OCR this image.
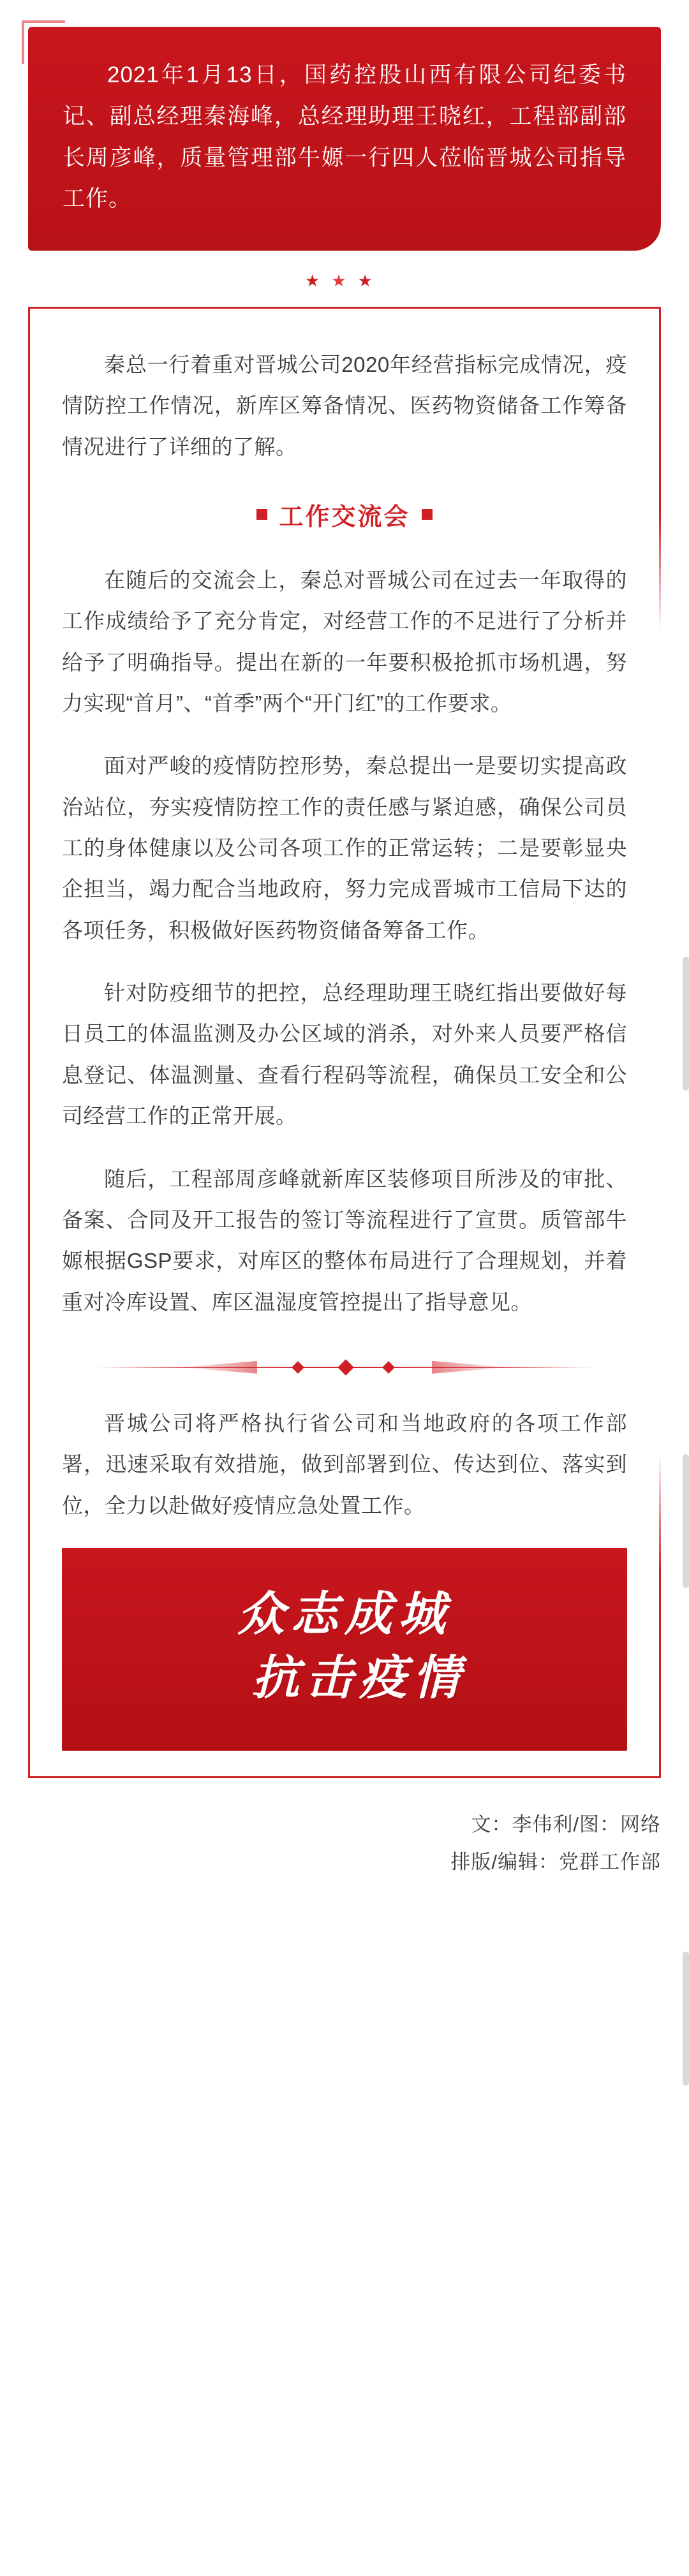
2021年1月13日，国药控股山西有限公司纪委书记、副总经理秦海峰，总经理助理王晓红，工程部副部长周彦峰，质量管理部牛嫄一行四人莅临晋城公司指导工作。

★★★

秦总一行着重对晋城公司2020年经营指标完成情况，疫情防控工作情况，新库区筹备情况、医药物资储备工作筹备情况进行了详细的了解。

工作交流会

在随后的交流会上，秦总对晋城公司在过去一年取得的工作成绩给予了充分肯定，对经营工作的不足进行了分析并给予了明确指导。提出在新的一年要积极抢抓市场机遇，努力实现“首月”、“首季”两个“开门红”的工作要求。

面对严峻的疫情防控形势，秦总提出一是要切实提高政治站位，夯实疫情防控工作的责任感与紧迫感，确保公司员工的身体健康以及公司各项工作的正常运转；二是要彰显央企担当，竭力配合当地政府，努力完成晋城市工信局下达的各项任务，积极做好医药物资储备筹备工作。

针对防疫细节的把控，总经理助理王晓红指出要做好每日员工的体温监测及办公区域的消杀，对外来人员要严格信息登记、体温测量、查看行程码等流程，确保员工安全和公司经营工作的正常开展。

随后，工程部周彦峰就新库区装修项目所涉及的审批、备案、合同及开工报告的签订等流程进行了宣贯。质管部牛嫄根据GSP要求，对库区的整体布局进行了合理规划，并着重对冷库设置、库区温湿度管控提出了指导意见。

晋城公司将严格执行省公司和当地政府的各项工作部署，迅速采取有效措施，做到部署到位、传达到位、落实到位，全力以赴做好疫情应急处置工作。

众志成城
抗击疫情
文：李伟利/图：网络
排版/编辑：党群工作部
